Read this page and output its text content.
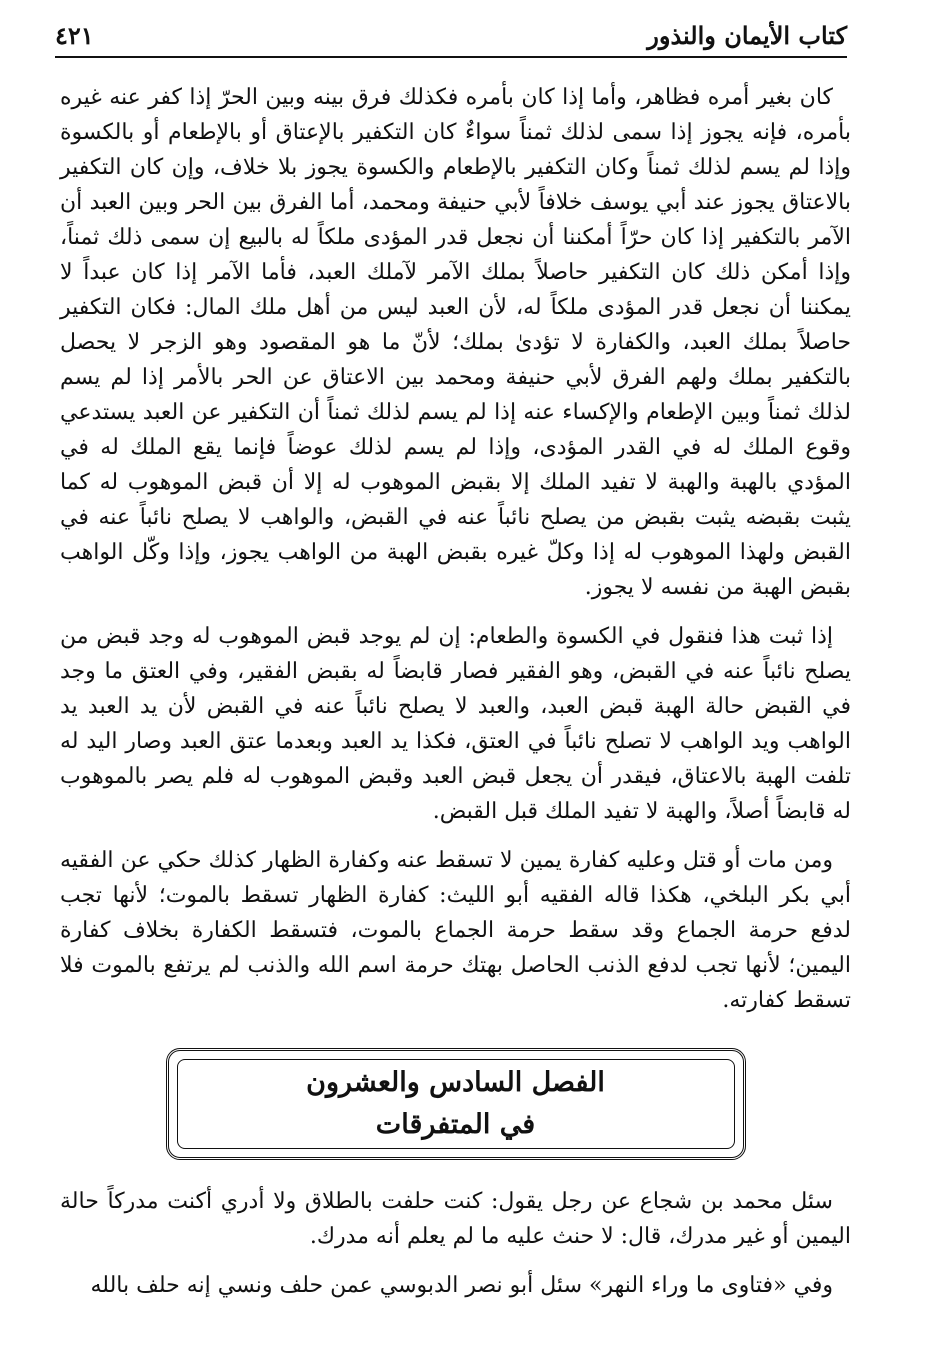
كتاب الأيمان والنذور
٤٢١

كان بغير أمره فظاهر، وأما إذا كان بأمره فكذلك فرق بينه وبين الحرّ إذا كفر عنه غيره بأمره، فإنه يجوز إذا سمى لذلك ثمناً سواءٌ كان التكفير بالإعتاق أو بالإطعام أو بالكسوة وإذا لم يسم لذلك ثمناً وكان التكفير بالإطعام والكسوة يجوز بلا خلاف، وإن كان التكفير بالاعتاق يجوز عند أبي يوسف خلافاً لأبي حنيفة ومحمد، أما الفرق بين الحر وبين العبد أن الآمر بالتكفير إذا كان حرّاً أمكننا أن نجعل قدر المؤدى ملكاً له بالبيع إن سمى ذلك ثمناً، وإذا أمكن ذلك كان التكفير حاصلاً بملك الآمر لآملك العبد، فأما الآمر إذا كان عبداً لا يمكننا أن نجعل قدر المؤدى ملكاً له، لأن العبد ليس من أهل ملك المال: فكان التكفير حاصلاً بملك العبد، والكفارة لا تؤدىٰ بملك؛ لأنّ ما هو المقصود وهو الزجر لا يحصل بالتكفير بملك ولهم الفرق لأبي حنيفة ومحمد بين الاعتاق عن الحر بالأمر إذا لم يسم لذلك ثمناً وبين الإطعام والإكساء عنه إذا لم يسم لذلك ثمناً أن التكفير عن العبد يستدعي وقوع الملك له في القدر المؤدى، وإذا لم يسم لذلك عوضاً فإنما يقع الملك له في المؤدي بالهبة والهبة لا تفيد الملك إلا بقبض الموهوب له إلا أن قبض الموهوب له كما يثبت بقبضه يثبت بقبض من يصلح نائباً عنه في القبض، والواهب لا يصلح نائباً عنه في القبض ولهذا الموهوب له إذا وكلّ غيره بقبض الهبة من الواهب يجوز، وإذا وكّل الواهب بقبض الهبة من نفسه لا يجوز.

إذا ثبت هذا فنقول في الكسوة والطعام: إن لم يوجد قبض الموهوب له وجد قبض من يصلح نائباً عنه في القبض، وهو الفقير فصار قابضاً له بقبض الفقير، وفي العتق ما وجد في القبض حالة الهبة قبض العبد، والعبد لا يصلح نائباً عنه في القبض لأن يد العبد يد الواهب ويد الواهب لا تصلح نائباً في العتق، فكذا يد العبد وبعدما عتق العبد وصار اليد له تلفت الهبة بالاعتاق، فيقدر أن يجعل قبض العبد وقبض الموهوب له فلم يصر بالموهوب له قابضاً أصلاً، والهبة لا تفيد الملك قبل القبض.

ومن مات أو قتل وعليه كفارة يمين لا تسقط عنه وكفارة الظهار كذلك حكي عن الفقيه أبي بكر البلخي، هكذا قاله الفقيه أبو الليث: كفارة الظهار تسقط بالموت؛ لأنها تجب لدفع حرمة الجماع وقد سقط حرمة الجماع بالموت، فتسقط الكفارة بخلاف كفارة اليمين؛ لأنها تجب لدفع الذنب الحاصل بهتك حرمة اسم الله والذنب لم يرتفع بالموت فلا تسقط كفارته.

الفصل السادس والعشرون
في المتفرقات

سئل محمد بن شجاع عن رجل يقول: كنت حلفت بالطلاق ولا أدري أكنت مدركاً حالة اليمين أو غير مدرك، قال: لا حنث عليه ما لم يعلم أنه مدرك.

وفي «فتاوى ما وراء النهر» سئل أبو نصر الدبوسي عمن حلف ونسي إنه حلف بالله
